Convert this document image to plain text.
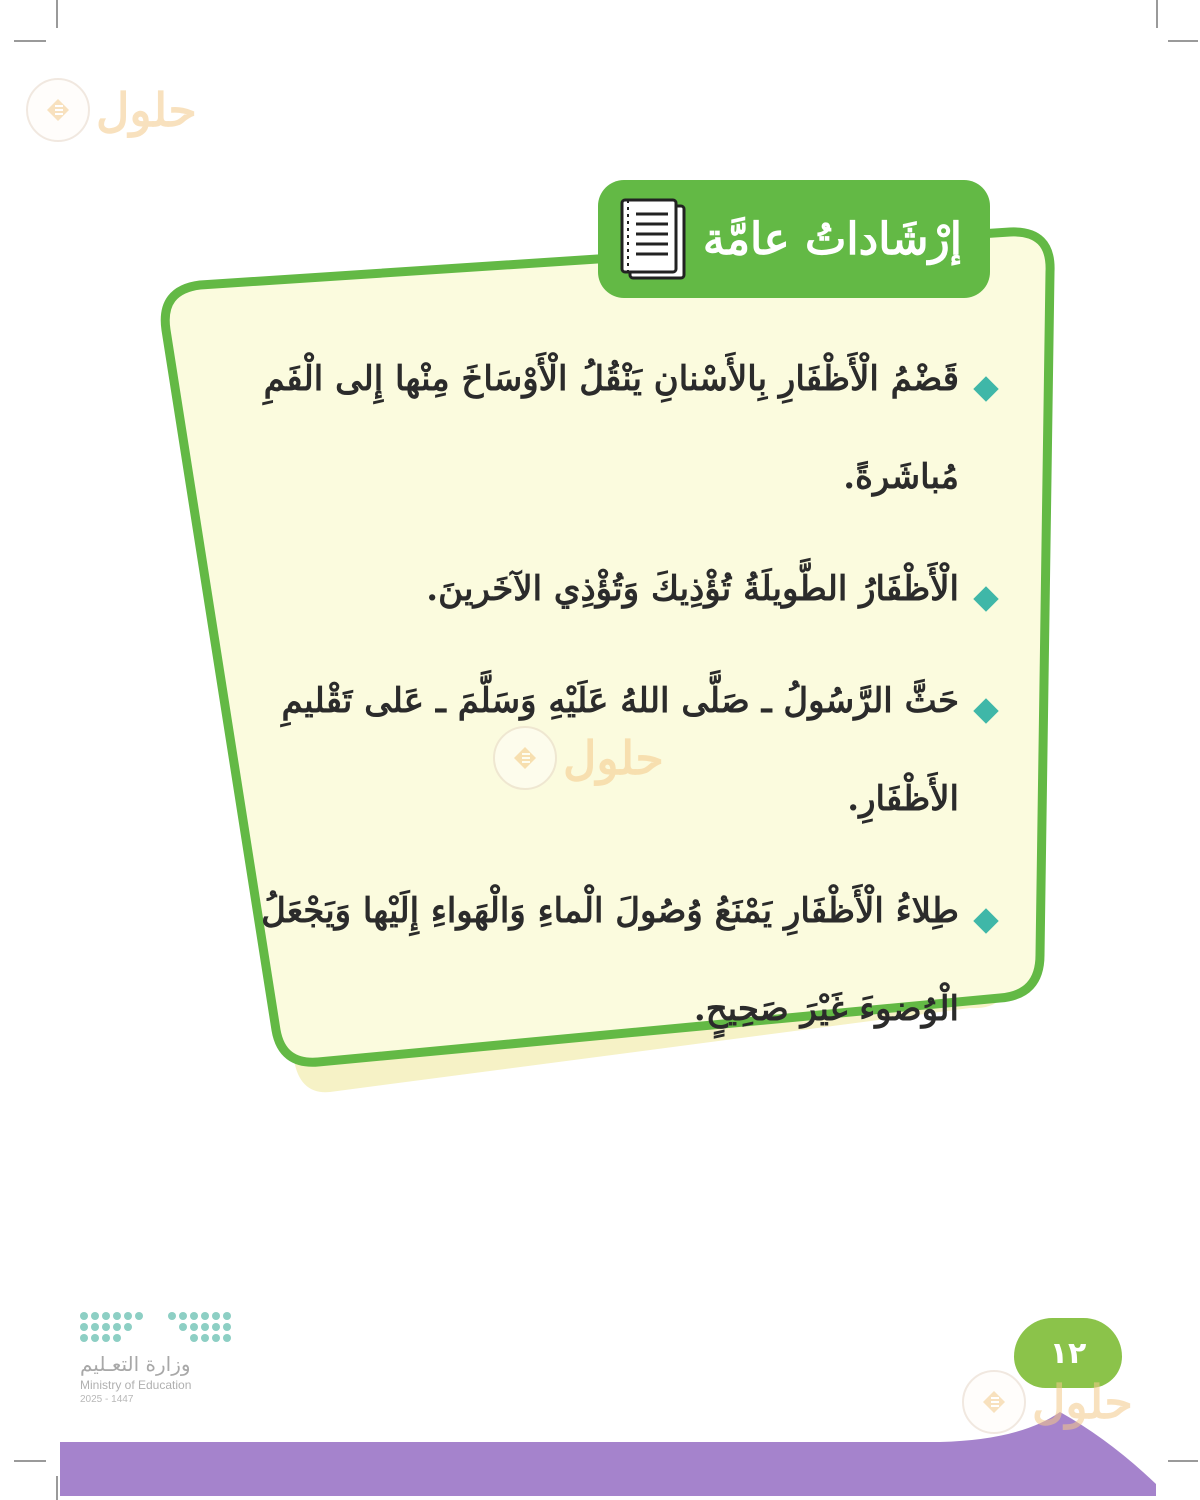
إرْشَاداتُ عامَّة
قَضْمُ الْأَظْفَارِ بِالأَسْنانِ يَنْقُلُ الْأَوْسَاخَ مِنْها إِلى الْفَمِ مُباشَرةً.
الْأَظْفَارُ الطَّويلَةُ تُؤْذِيكَ وَتُؤْذِي الآخَرينَ.
حَثَّ الرَّسُولُ ـ صَلَّى اللهُ عَلَيْهِ وَسَلَّمَ ـ عَلى تَقْليمِ الأَظْفَارِ.
طِلاءُ الْأَظْفَارِ يَمْنَعُ وُصُولَ الْماءِ وَالْهَواءِ إِلَيْها وَيَجْعَلُ الْوُضوءَ غَيْرَ صَحِيحٍ.
حلول
حلول
١٢
حلول
وزارة التعـليم
Ministry of Education
2025 - 1447
